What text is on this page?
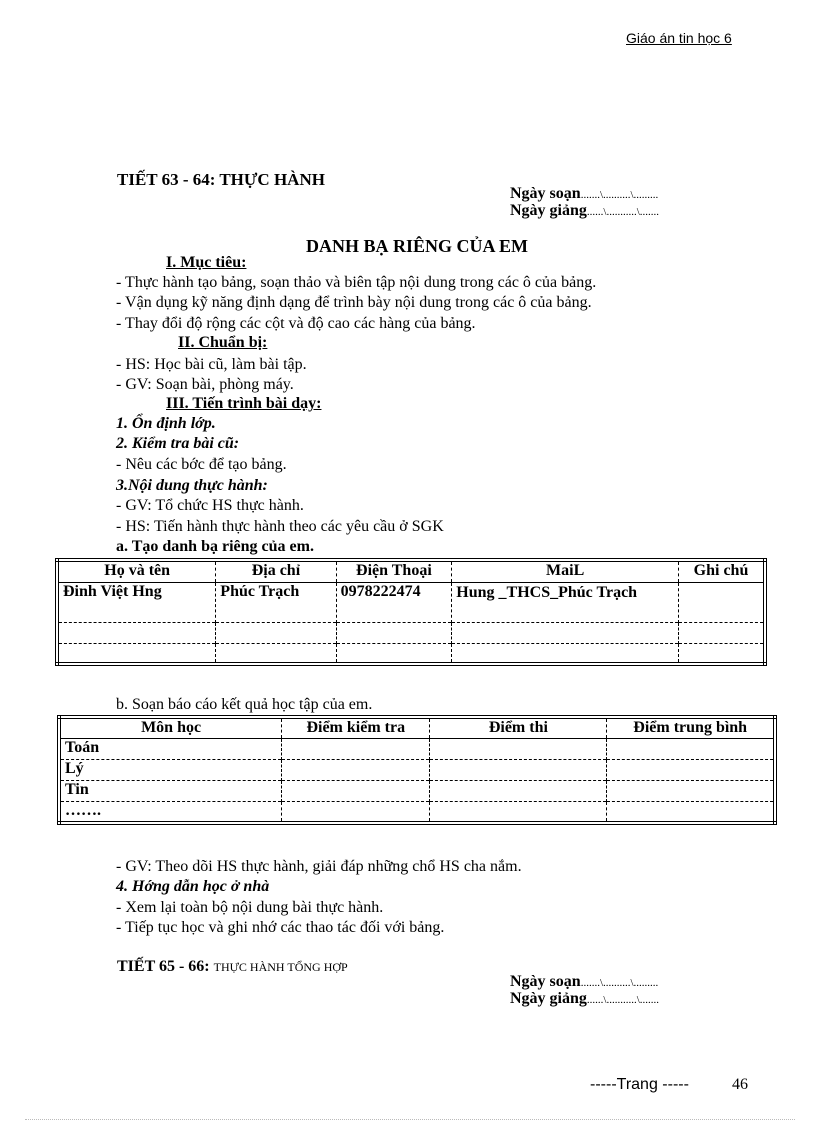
Giáo án tin học 6
TIẾT 63 - 64: THỰC HÀNH
Ngày soạn.......\..........\.........
Ngày giảng......\...........\.......
DANH BẠ RIÊNG CỦA EM
I. Mục tiêu:
- Thực hành tạo bảng, soạn thảo và biên tập nội dung trong các ô của bảng.
- Vận dụng kỹ năng định dạng để trình bày nội dung trong các ô của bảng.
- Thay đổi độ rộng các cột và độ cao các hàng của bảng.
II. Chuẩn bị:
- HS: Học bài cũ, làm bài tập.
- GV: Soạn bài, phòng máy.
III. Tiến trình bài dạy:
1. Ổn định lớp.
2. Kiểm tra bài cũ:
- Nêu các bớc để tạo bảng.
3.Nội dung thực hành:
- GV: Tổ chức HS thực hành.
- HS: Tiến hành thực hành theo các yêu cầu ở SGK
a. Tạo danh bạ riêng của em.
Họ và tên	Địa chỉ	Điện Thoại	MaiL	Ghi chú
Đinh Việt Hng	Phúc Trạch	0978222474	Hung _THCS_Phúc Trạch	

b. Soạn báo cáo kết quả học tập của em.
Môn học	Điểm kiểm tra	Điểm thi	Điểm trung bình
Toán			
Lý			
Tin			
…….			
- GV: Theo dõi HS thực hành, giải đáp những chổ HS cha nắm.
4. Hớng dẫn học ở nhà
- Xem lại toàn bộ nội dung bài thực hành.
- Tiếp tục học và ghi nhớ các thao tác đối với bảng.
TIẾT 65 - 66: THỰC HÀNH TỔNG HỢP
Ngày soạn.......\..........\.........
Ngày giảng......\...........\.......
-----Trang -----	46
